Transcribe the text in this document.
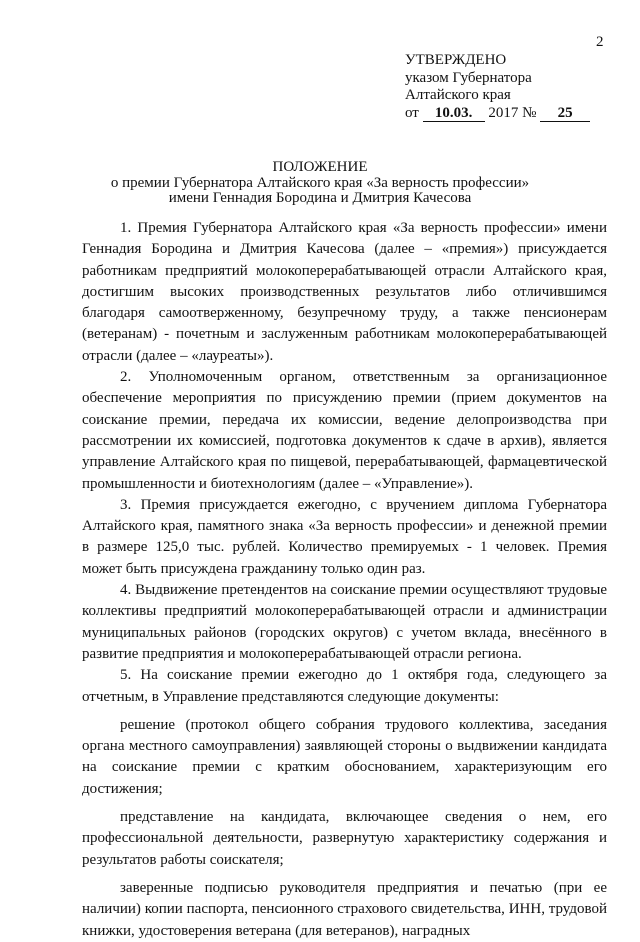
2
УТВЕРЖДЕНО
указом Губернатора
Алтайского края
от 10.03. 2017 № 25
ПОЛОЖЕНИЕ
о премии Губернатора Алтайского края «За верность профессии»
имени Геннадия Бородина и Дмитрия Качесова

1. Премия Губернатора Алтайского края «За верность профессии» имени Геннадия Бородина и Дмитрия Качесова (далее – «премия») присуждается работникам предприятий молокоперерабатывающей отрасли Алтайского края, достигшим высоких производственных результатов либо отличившимся благодаря самоотверженному, безупречному труду, а также пенсионерам (ветеранам) - почетным и заслуженным работникам молокоперерабатывающей отрасли (далее – «лауреаты»).

2. Уполномоченным органом, ответственным за организационное обеспечение мероприятия по присуждению премии (прием документов на соискание премии, передача их комиссии, ведение делопроизводства при рассмотрении их комиссией, подготовка документов к сдаче в архив), является управление Алтайского края по пищевой, перерабатывающей, фармацевтической промышленности и биотехнологиям (далее – «Управление»).

3. Премия присуждается ежегодно, с вручением диплома Губернатора Алтайского края, памятного знака «За верность профессии» и денежной премии в размере 125,0 тыс. рублей. Количество премируемых - 1 человек. Премия может быть присуждена гражданину только один раз.

4. Выдвижение претендентов на соискание премии осуществляют трудовые коллективы предприятий молокоперерабатывающей отрасли и администрации муниципальных районов (городских округов) с учетом вклада, внесённого в развитие предприятия и молокоперерабатывающей отрасли региона.

5. На соискание премии ежегодно до 1 октября года, следующего за отчетным, в Управление представляются следующие документы:

решение (протокол общего собрания трудового коллектива, заседания органа местного самоуправления) заявляющей стороны о выдвижении кандидата на соискание премии с кратким обоснованием, характеризующим его достижения;

представление на кандидата, включающее сведения о нем, его профессиональной деятельности, развернутую характеристику содержания и результатов работы соискателя;

заверенные подписью руководителя предприятия и печатью (при ее наличии) копии паспорта, пенсионного страхового свидетельства, ИНН, трудовой книжки, удостоверения ветерана (для ветеранов), наградных
